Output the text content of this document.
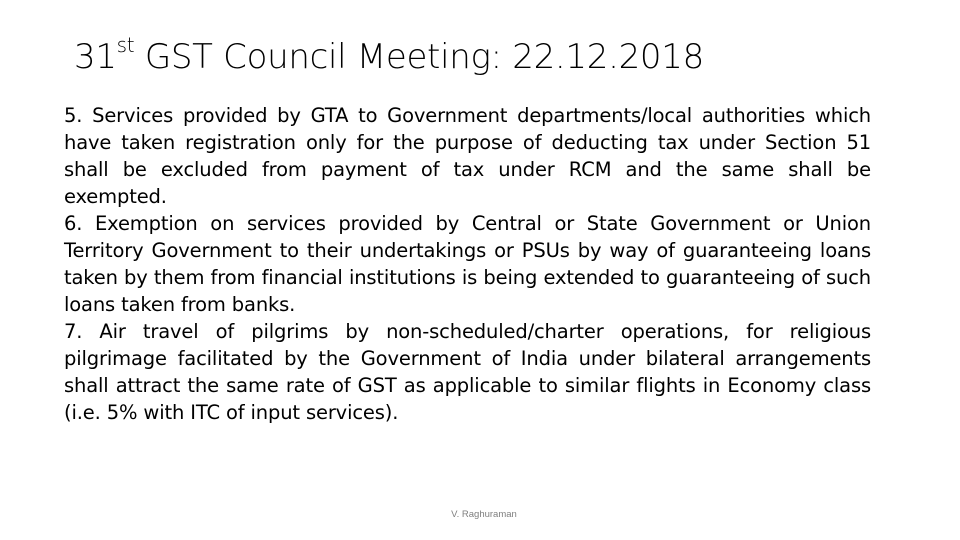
31st GST Council Meeting: 22.12.2018

5. Services provided by GTA to Government departments/local authorities which have taken registration only for the purpose of deducting tax under Section 51 shall be excluded from payment of tax under RCM and the same shall be exempted.

6. Exemption on services provided by Central or State Government or Union Territory Government to their undertakings or PSUs by way of guaranteeing loans taken by them from financial institutions is being extended to guaranteeing of such loans taken from banks.

7. Air travel of pilgrims by non-scheduled/charter operations, for religious pilgrimage facilitated by the Government of India under bilateral arrangements shall attract the same rate of GST as applicable to similar flights in Economy class (i.e. 5% with ITC of input services).

V. Raghuraman
